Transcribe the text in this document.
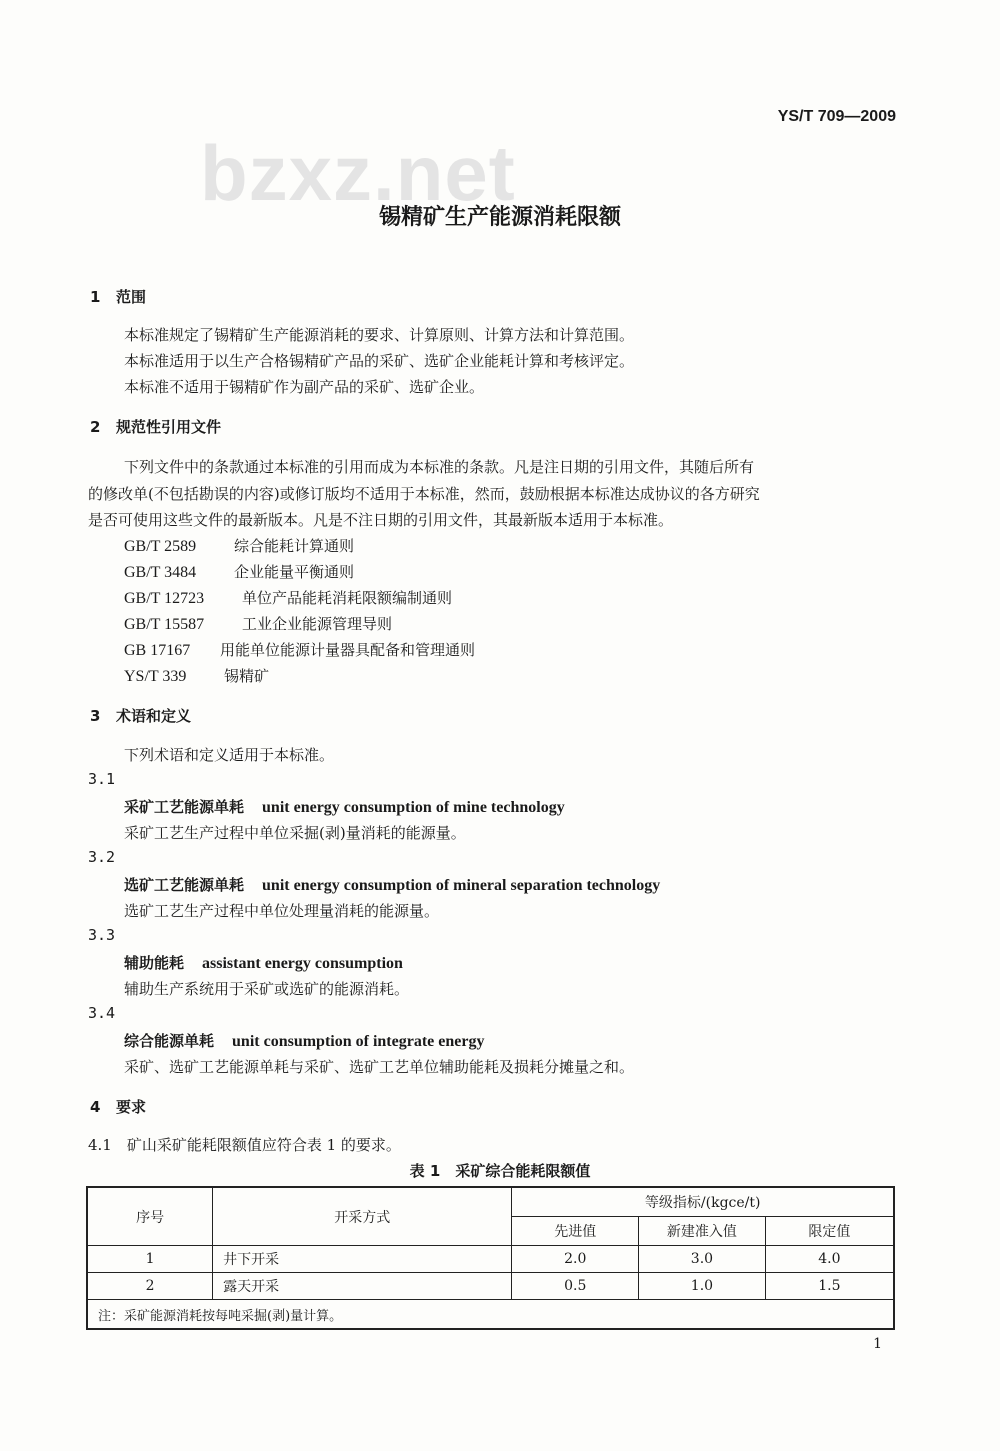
YS/T 709—2009
bzxz.net
锡精矿生产能源消耗限额
1 范围
本标准规定了锡精矿生产能源消耗的要求、计算原则、计算方法和计算范围。
本标准适用于以生产合格锡精矿产品的采矿、选矿企业能耗计算和考核评定。
本标准不适用于锡精矿作为副产品的采矿、选矿企业。
2 规范性引用文件
下列文件中的条款通过本标准的引用而成为本标准的条款。凡是注日期的引用文件，其随后所有
的修改单(不包括勘误的内容)或修订版均不适用于本标准，然而，鼓励根据本标准达成协议的各方研究
是否可使用这些文件的最新版本。凡是不注日期的引用文件，其最新版本适用于本标准。
GB/T 2589	综合能耗计算通则
GB/T 3484	企业能量平衡通则
GB/T 12723	单位产品能耗消耗限额编制通则
GB/T 15587	工业企业能源管理导则
GB 17167 用能单位能源计量器具配备和管理通则
YS/T 339	锡精矿
3 术语和定义
下列术语和定义适用于本标准。
3.1
采矿工艺能源单耗 unit energy consumption of mine technology
采矿工艺生产过程中单位采掘(剥)量消耗的能源量。
3.2
选矿工艺能源单耗 unit energy consumption of mineral separation technology
选矿工艺生产过程中单位处理量消耗的能源量。
3.3
辅助能耗 assistant energy consumption
辅助生产系统用于采矿或选矿的能源消耗。
3.4
综合能源单耗 unit consumption of integrate energy
采矿、选矿工艺能源单耗与采矿、选矿工艺单位辅助能耗及损耗分摊量之和。
4 要求
4.1　矿山采矿能耗限额值应符合表 1 的要求。
表 1　采矿综合能耗限额值
序号	开采方式	等级指标/(kgce/t)		
		先进值	新建准入值	限定值
1	井下开采	2.0	3.0	4.0
2	露天开采	0.5	1.0	1.5
注：采矿能源消耗按每吨采掘(剥)量计算。				
1
